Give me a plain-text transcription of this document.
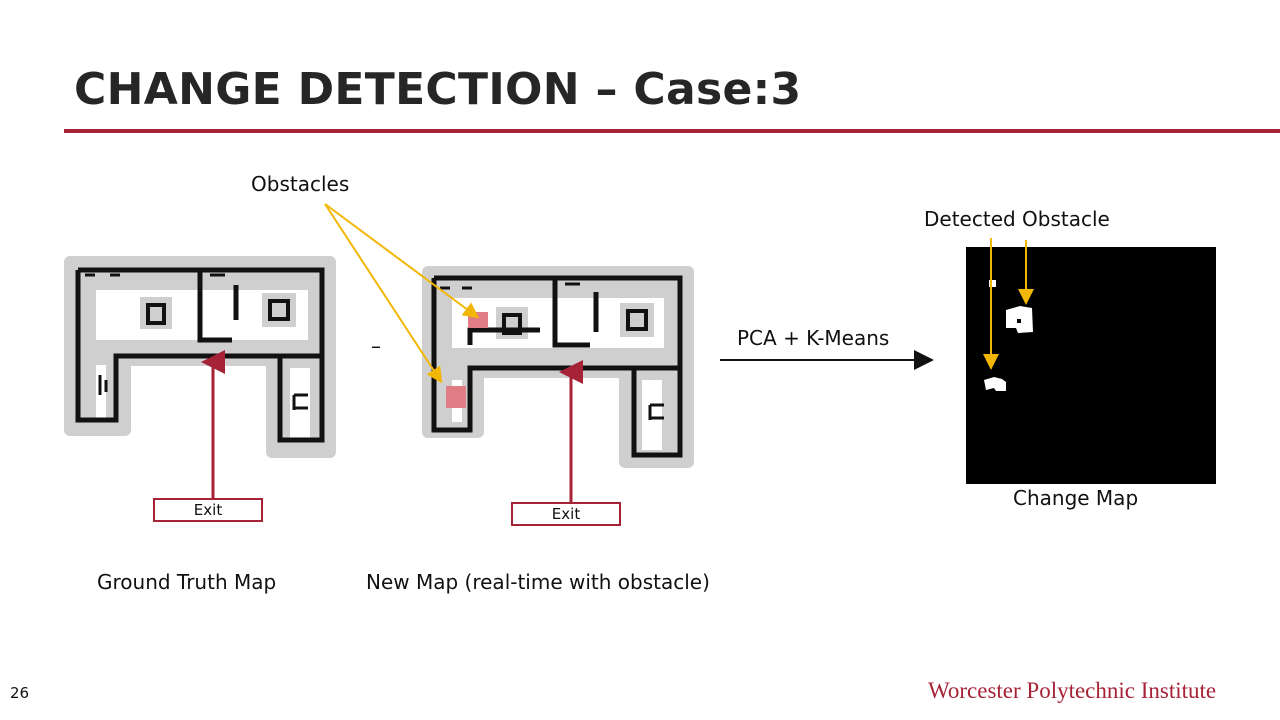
CHANGE DETECTION – Case:3
Obstacles
Detected Obstacle
PCA + K-Means
Change Map
Ground Truth Map	New Map (real-time with obstacle)
–
Exit	Exit
26	Worcester Polytechnic Institute
